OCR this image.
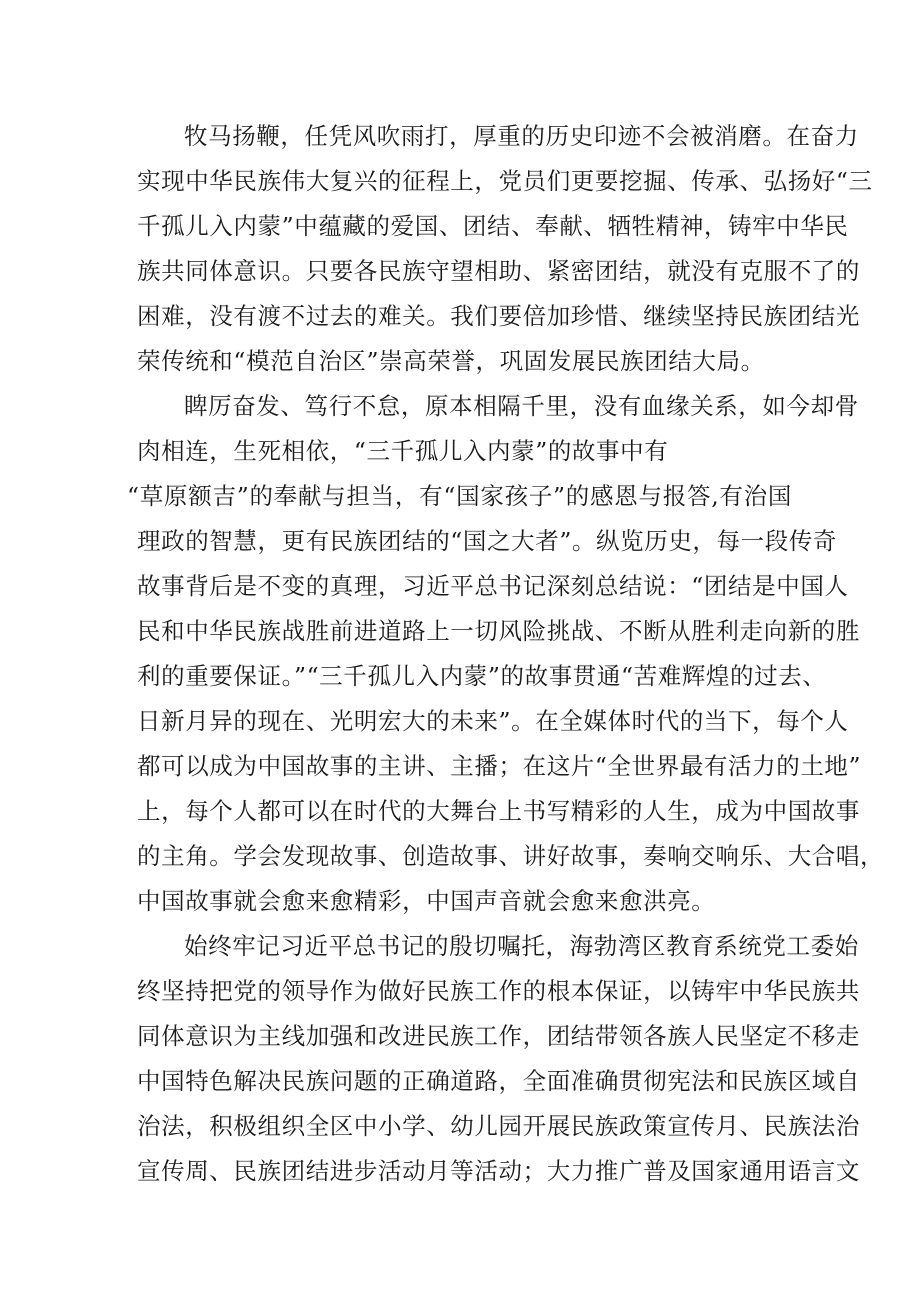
牧马扬鞭，任凭风吹雨打，厚重的历史印迹不会被消磨。在奋力
实现中华民族伟大复兴的征程上，党员们更要挖掘、传承、弘扬好“三
千孤儿入内蒙”中蕴藏的爱国、团结、奉献、牺牲精神，铸牢中华民
族共同体意识。只要各民族守望相助、紧密团结，就没有克服不了的
困难，没有渡不过去的难关。我们要倍加珍惜、继续坚持民族团结光
荣传统和“模范自治区”崇高荣誉，巩固发展民族团结大局。
睥厉奋发、笃行不怠，原本相隔千里，没有血缘关系，如今却骨
肉相连，生死相依，“三千孤儿入内蒙”的故事中有
“草原额吉”的奉献与担当，有“国家孩子”的感恩与报答,有治国
理政的智慧，更有民族团结的“国之大者”。纵览历史，每一段传奇
故事背后是不变的真理，习近平总书记深刻总结说：“团结是中国人
民和中华民族战胜前进道路上一切风险挑战、不断从胜利走向新的胜
利的重要保证。”“三千孤儿入内蒙”的故事贯通“苦难辉煌的过去、
日新月异的现在、光明宏大的未来”。在全媒体时代的当下，每个人
都可以成为中国故事的主讲、主播；在这片“全世界最有活力的土地”
上，每个人都可以在时代的大舞台上书写精彩的人生，成为中国故事
的主角。学会发现故事、创造故事、讲好故事，奏响交响乐、大合唱，
中国故事就会愈来愈精彩，中国声音就会愈来愈洪亮。
始终牢记习近平总书记的殷切嘱托，海勃湾区教育系统党工委始
终坚持把党的领导作为做好民族工作的根本保证，以铸牢中华民族共
同体意识为主线加强和改进民族工作，团结带领各族人民坚定不移走
中国特色解决民族问题的正确道路，全面准确贯彻宪法和民族区域自
治法，积极组织全区中小学、幼儿园开展民族政策宣传月、民族法治
宣传周、民族团结进步活动月等活动；大力推广普及国家通用语言文
